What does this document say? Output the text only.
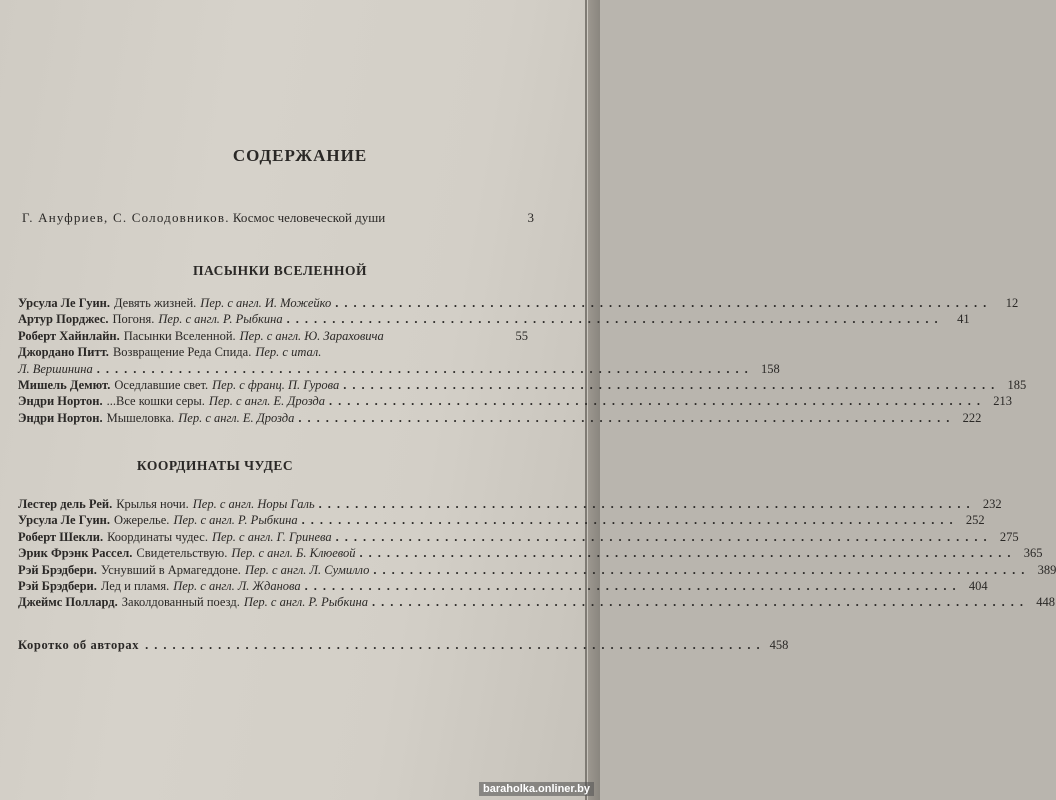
СОДЕРЖАНИЕ
Г. Ануфриев, С. Солодовников.
Космос человеческой души	3
ПАСЫНКИ ВСЕЛЕННОЙ
Урсула Ле Гуин. Девять жизней. Пер. с англ. И. Можейко .....	12
Артур Порджес. Погоня. Пер. с англ. Р. Рыбкина .....	41
Роберт Хайнлайн. Пасынки Вселенной. Пер. с англ. Ю. Зараховича	55
Джордано Питт. Возвращение Реда Спида. Пер. с итал.
Л. Вершинина .....	158
Мишель Демют. Оседлавшие свет. Пер. с франц. П. Гурова .....	185
Эндри Нортон. ...Все кошки серы. Пер. с англ. Е. Дрозда .....	213
Эндри Нортон. Мышеловка. Пер. с англ. Е. Дрозда .....	222
КООРДИНАТЫ ЧУДЕС
Лестер дель Рей. Крылья ночи. Пер. с англ. Норы Галь .....	232
Урсула Ле Гуин. Ожерелье. Пер. с англ. Р. Рыбкина .....	252
Роберт Шекли. Координаты чудес. Пер. с англ. Г. Гринева .....	275
Эрик Фрэнк Рассел. Свидетельствую. Пер. с англ. Б. Клюевой .....	365
Рэй Брэдбери. Уснувший в Армагеддоне. Пер. с англ. Л. Сумилло .....	389
Рэй Брэдбери. Лед и пламя. Пер. с англ. Л. Жданова .....	404
Джеймс Поллард. Заколдованный поезд. Пер. с англ. Р. Рыбкина .....	448
Коротко об авторах .................................................................... 458
baraholka.onliner.by
